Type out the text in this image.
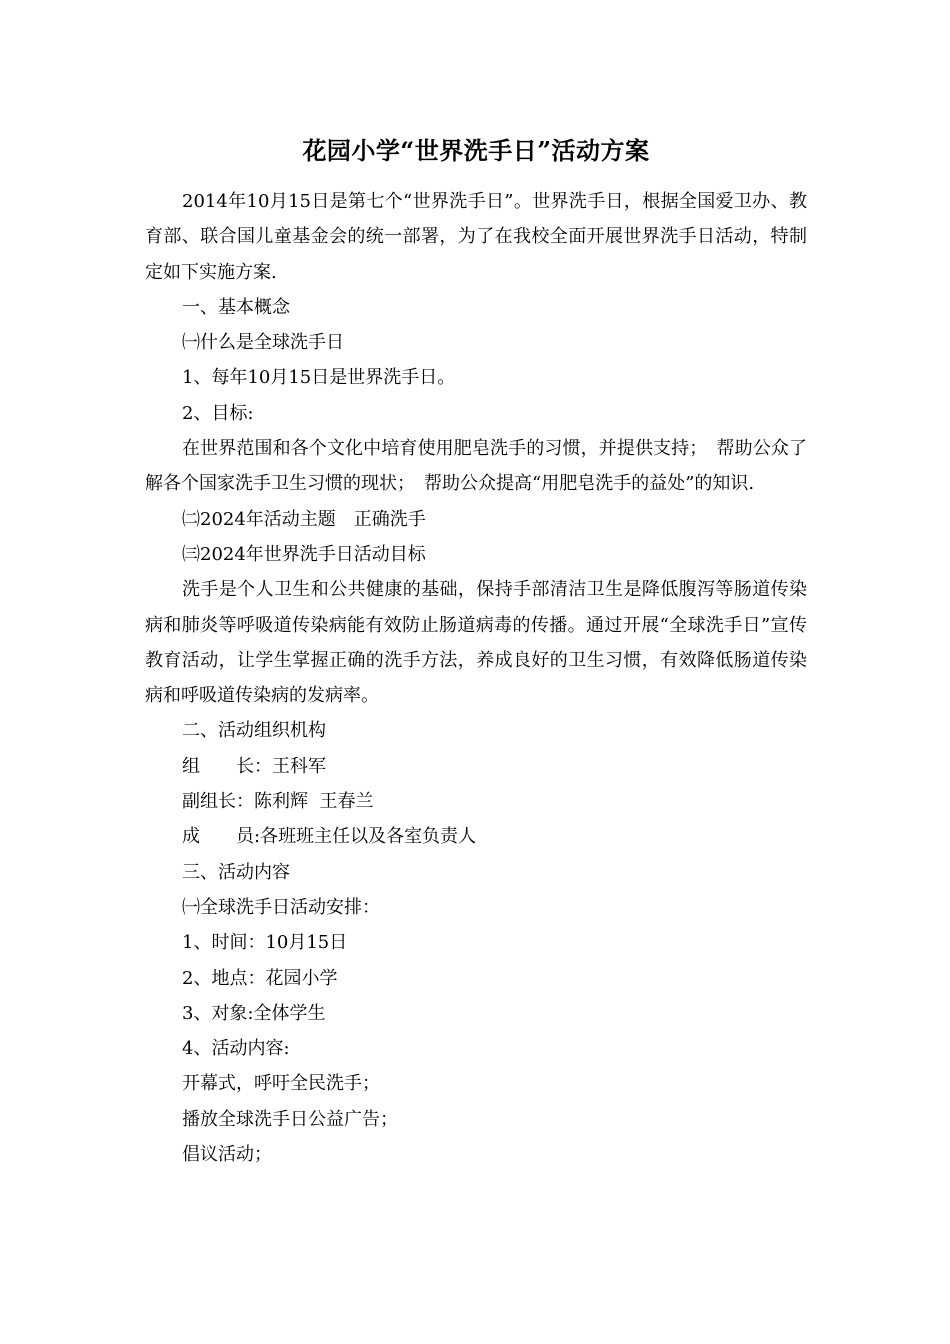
花园小学“世界洗手日”活动方案

2014年10月15日是第七个“世界洗手日”。世界洗手日，根据全国爱卫办、教育部、联合国儿童基金会的统一部署，为了在我校全面开展世界洗手日活动，特制定如下实施方案.

一、基本概念

㈠什么是全球洗手日

1、每年10月15日是世界洗手日。

2、目标:

在世界范围和各个文化中培育使用肥皂洗手的习惯，并提供支持；　帮助公众了解各个国家洗手卫生习惯的现状；　帮助公众提高“用肥皂洗手的益处”的知识.

㈡2024年活动主题　正确洗手

㈢2024年世界洗手日活动目标

洗手是个人卫生和公共健康的基础，保持手部清洁卫生是降低腹泻等肠道传染病和肺炎等呼吸道传染病能有效防止肠道病毒的传播。通过开展“全球洗手日”宣传教育活动，让学生掌握正确的洗手方法，养成良好的卫生习惯，有效降低肠道传染病和呼吸道传染病的发病率。

二、活动组织机构

组　　长：王科军

副组长：陈利辉  王春兰

成　　员:各班班主任以及各室负责人

三、活动内容

㈠全球洗手日活动安排：

1、时间：10月15日

2、地点：花园小学

3、对象:全体学生

4、活动内容:

开幕式，呼吁全民洗手；

播放全球洗手日公益广告；

倡议活动；
